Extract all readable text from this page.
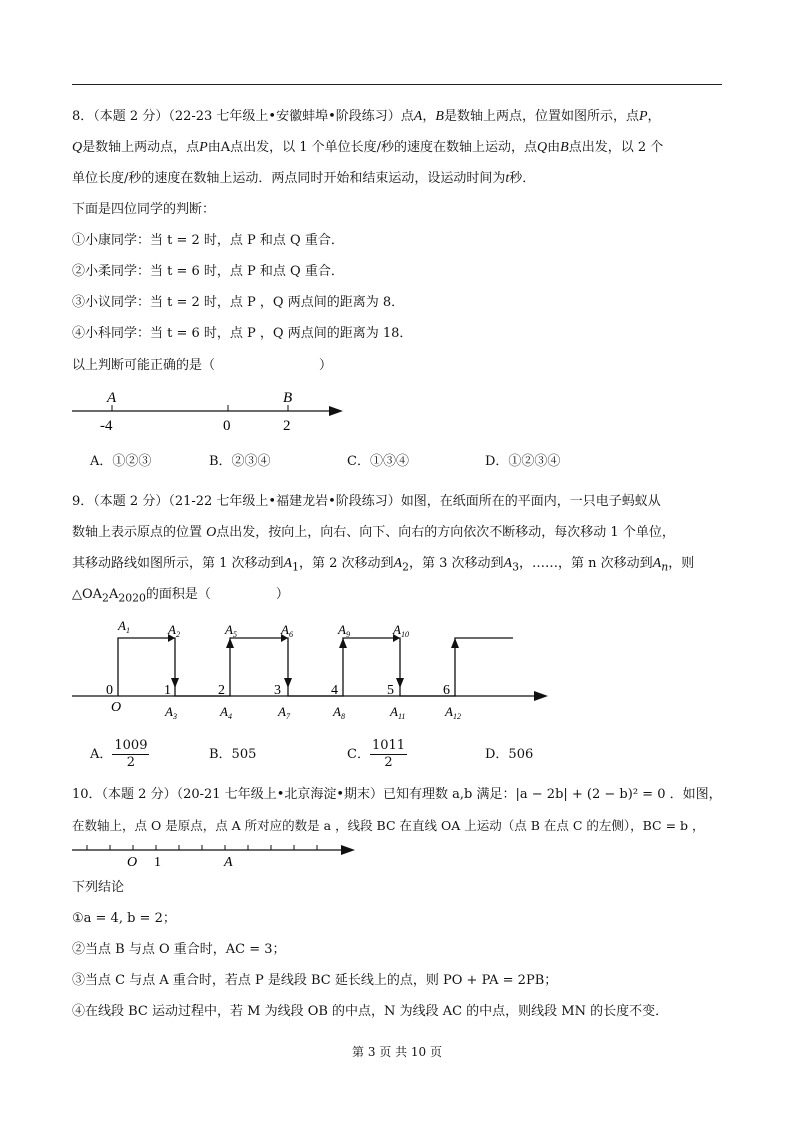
8．（本题 2 分）（22-23 七年级上•安徽蚌埠•阶段练习）点A，B是数轴上两点，位置如图所示，点P，
Q是数轴上两动点，点P由A点出发，以 1 个单位长度/秒的速度在数轴上运动，点Q由B点出发，以 2 个
单位长度/秒的速度在数轴上运动．两点同时开始和结束运动，设运动时间为t秒．
下面是四位同学的判断：
①小康同学：当 t = 2 时，点 P 和点 Q 重合．
②小柔同学：当 t = 6 时，点 P 和点 Q 重合．
③小议同学：当 t = 2 时，点 P ，Q 两点间的距离为 8．
④小科同学：当 t = 6 时，点 P ，Q 两点间的距离为 18．
以上判断可能正确的是（　　　　　　　　）
A	B
-4	0	2
A．①②③	B．②③④	C．①③④	D．①②③④
9．（本题 2 分）（21-22 七年级上•福建龙岩•阶段练习）如图，在纸面所在的平面内，一只电子蚂蚁从
数轴上表示原点的位置 O点出发，按向上，向右、向下、向右的方向依次不断移动，每次移动 1 个单位，
其移动路线如图所示，第 1 次移动到$A_1$，第 2 次移动到$A_2$，第 3 次移动到$A_3$，……，第 n 次移动到$A_n$，则
$\triangle OA_2A_{2020}$的面积是（　　　　　）
0	1	2	3	4	5	6
O
$A_1$	$A_2$	$A_5$	$A_6$	$A_9$	$A_{10}$
$A_3$	$A_4$	$A_7$	$A_8$	$A_{11}$	$A_{12}$
A． $\frac{1009}{2}$	B．505	C． $\frac{1011}{2}$	D．506
10．（本题 2 分）（20-21 七年级上•北京海淀•期末）已知有理数 a,b 满足：|a − 2b| + (2 − b)² = 0 ．如图，
在数轴上，点 O 是原点，点 A 所对应的数是 a ，线段 BC 在直线 OA 上运动（点 B 在点 C 的左侧），BC = b ，
O 1	A
下列结论
①a = 4, b = 2；
②当点 B 与点 O 重合时，AC = 3；
③当点 C 与点 A 重合时，若点 P 是线段 BC 延长线上的点，则 PO + PA = 2PB；
④在线段 BC 运动过程中，若 M 为线段 OB 的中点，N 为线段 AC 的中点，则线段 MN 的长度不变．
第 3 页 共 10 页
